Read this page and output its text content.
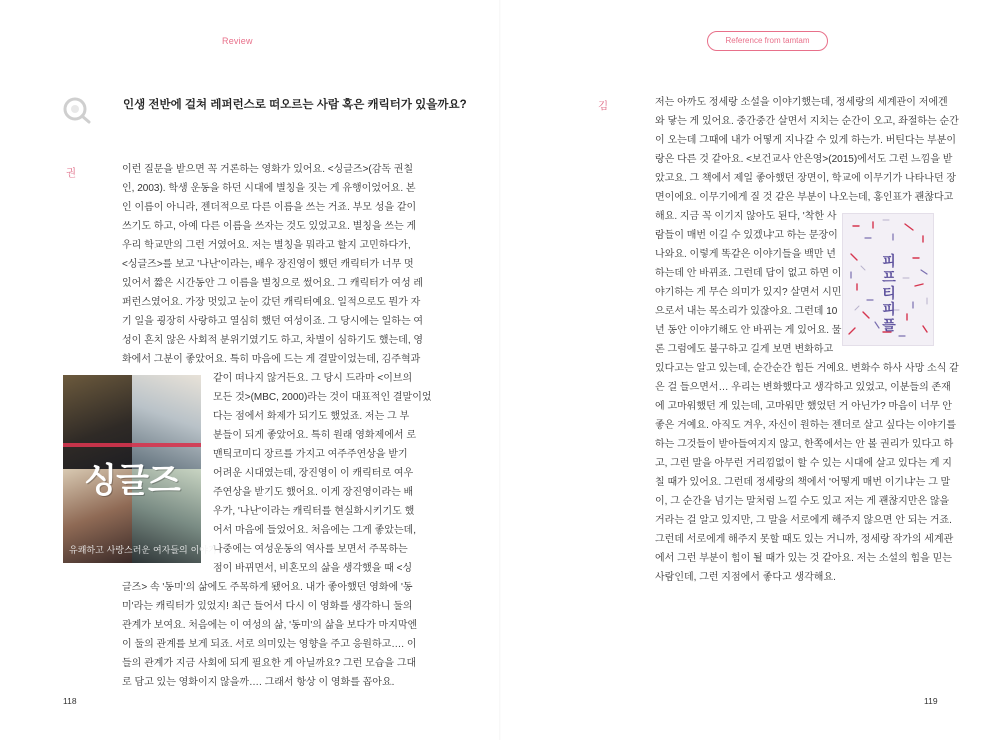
Review
인생 전반에 걸쳐 레퍼런스로 떠오르는 사람 혹은 캐릭터가 있을까요?
권	이런 질문을 받으면 꼭 거론하는 영화가 있어요. <싱글즈>(감독 권칠
인, 2003). 학생 운동을 하던 시대에 별칭을 짓는 게 유행이었어요. 본
인 이름이 아니라, 젠더적으로 다른 이름을 쓰는 거죠. 부모 성을 같이
쓰기도 하고, 아예 다른 이름을 쓰자는 것도 있었고요. 별칭을 쓰는 게
우리 학교만의 그런 거였어요. 저는 별칭을 뭐라고 할지 고민하다가,
<싱글즈>를 보고 '나난'이라는, 배우 장진영이 했던 캐릭터가 너무 멋
있어서 짧은 시간동안 그 이름을 별칭으로 썼어요. 그 캐릭터가 여성 레
퍼런스였어요. 가장 멋있고 눈이 갔던 캐릭터예요. 일적으로도 뭔가 자
기 일을 굉장히 사랑하고 열심히 했던 여성이죠. 그 당시에는 일하는 여
성이 흔치 않은 사회적 분위기였기도 하고, 차별이 심하기도 했는데, 영
화에서 그분이 좋았어요. 특히 마음에 드는 게 결말이었는데, 김주혁과
같이 떠나지 않거든요. 그 당시 드라마 <이브의
모든 것>(MBC, 2000)라는 것이 대표적인 결말이었
다는 점에서 화제가 되기도 했었죠. 저는 그 부
분들이 되게 좋았어요. 특히 원래 영화제에서 로
맨틱코미디 장르를 가지고 여주주연상을 받기
어려운 시대였는데, 장진영이 이 캐릭터로 여우
주연상을 받기도 했어요. 이게 장진영이라는 배
우가, '나난'이라는 캐릭터를 현실화시키기도 했
어서 마음에 들었어요. 처음에는 그게 좋았는데,
나중에는 여성운동의 역사를 보면서 주목하는
점이 바뀌면서, 비혼모의 삶을 생각했을 때 <싱
글즈> 속 '동미'의 삶에도 주목하게 됐어요. 내가 좋아했던 영화에 '동
미'라는 캐릭터가 있었지! 최근 들어서 다시 이 영화를 생각하니 둘의
관계가 보여요. 처음에는 이 여성의 삶, '동미'의 삶을 보다가 마지막엔
이 둘의 관계를 보게 되죠. 서로 의미있는 영향을 주고 응원하고…. 이
들의 관계가 지금 사회에 되게 필요한 게 아닐까요? 그런 모습을 그대
로 담고 있는 영화이지 않을까…. 그래서 항상 이 영화를 꼽아요.
싱글즈
유쾌하고 사랑스러운 여자들의 이야기
118
Reference from tamtam
김	저는 아까도 정세랑 소설을 이야기했는데, 정세랑의 세계관이 저에겐
와 닿는 게 있어요. 중간중간 살면서 지치는 순간이 오고, 좌절하는 순간
이 오는데 그때에 내가 어떻게 지나갈 수 있게 하는가. 버틴다는 부분이
랑은 다른 것 같아요. <보건교사 안은영>(2015)에서도 그런 느낌을 받
았고요. 그 책에서 제일 좋아했던 장면이, 학교에 이무기가 나타나던 장
면이에요. 이무기에게 질 것 같은 부분이 나오는데, 홍인표가 괜찮다고
해요. 지금 꼭 이기지 않아도 된다, '착한 사
람들이 매번 이길 수 있겠냐'고 하는 문장이
나와요. 이렇게 똑같은 이야기들을 백만 년
하는데 안 바뀌죠. 그런데 답이 없고 하면 이
야기하는 게 무슨 의미가 있지? 살면서 시민
으로서 내는 목소리가 있잖아요. 그런데 10
년 동안 이야기해도 안 바뀌는 게 있어요. 물
론 그럼에도 불구하고 길게 보면 변화하고
있다고는 알고 있는데, 순간순간 힘든 거예요. 변화수 하사 사망 소식 같
은 걸 들으면서… 우리는 변화했다고 생각하고 있었고, 이분들의 존재
에 고마워했던 게 있는데, 고마워만 했었던 거 아닌가? 마음이 너무 안
좋은 거예요. 아직도 겨우, 자신이 원하는 젠더로 살고 싶다는 이야기를
하는 그것들이 받아들여지지 않고, 한쪽에서는 안 볼 권리가 있다고 하
고, 그런 말을 아무런 거리낌없이 할 수 있는 시대에 살고 있다는 게 지
칠 때가 있어요. 그런데 정세랑의 책에서 '어떻게 매번 이기냐'는 그 말
이, 그 순간을 넘기는 말처럼 느낄 수도 있고 저는 게 괜찮지만은 않을
거라는 걸 알고 있지만, 그 말을 서로에게 해주지 않으면 안 되는 거죠.
그런데 서로에게 해주지 못할 때도 있는 거니까, 정세랑 작가의 세계관
에서 그런 부분이 힘이 될 때가 있는 것 같아요. 저는 소설의 힘을 믿는
사람인데, 그런 지점에서 좋다고 생각해요.
피프티 피플
119
